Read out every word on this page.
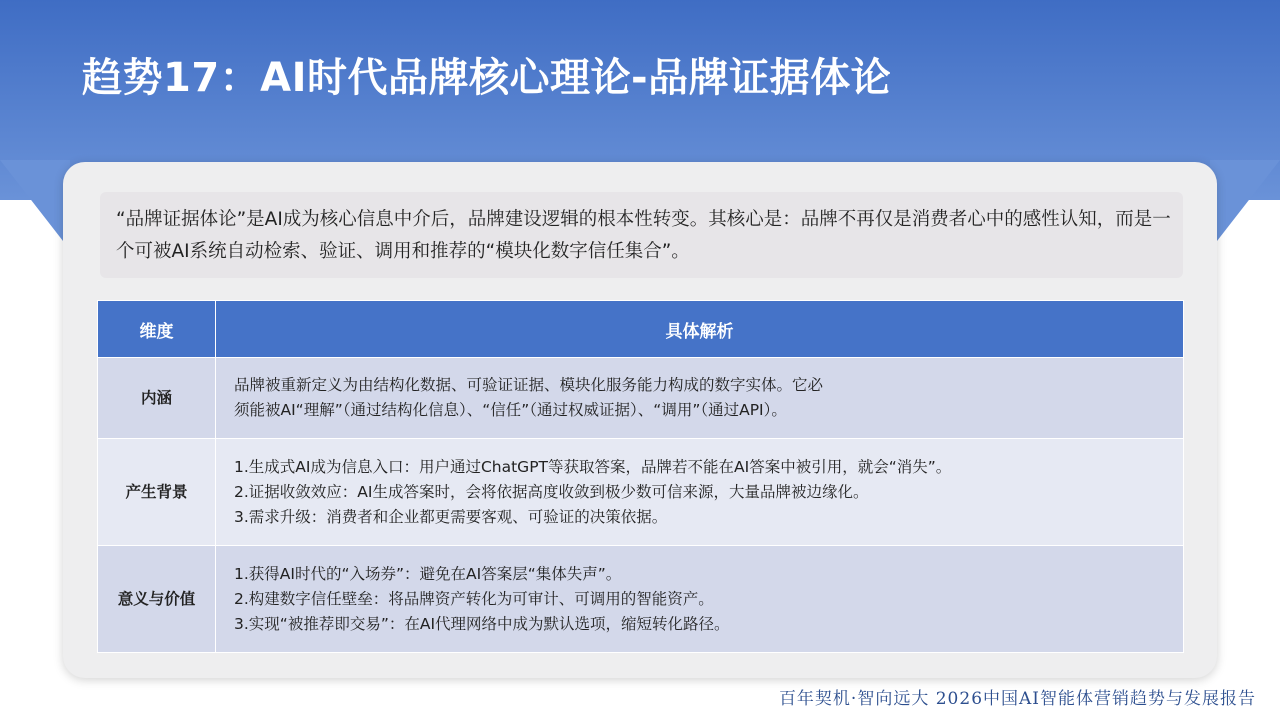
趋势17：AI时代品牌核心理论-品牌证据体论

“品牌证据体论”是AI成为核心信息中介后，品牌建设逻辑的根本性转变。其核心是：品牌不再仅是消费者心中的感性认知，而是一个可被AI系统自动检索、验证、调用和推荐的“模块化数字信任集合”。

维度	具体解析
内涵	品牌被重新定义为由结构化数据、可验证证据、模块化服务能力构成的数字实体。它必
须能被AI“理解”（通过结构化信息）、“信任”（通过权威证据）、“调用”（通过API）。

产生背景	1.生成式AI成为信息入口：用户通过ChatGPT等获取答案，品牌若不能在AI答案中被引用，就会“消失”。
2.证据收敛效应：AI生成答案时，会将依据高度收敛到极少数可信来源，大量品牌被边缘化。
3.需求升级：消费者和企业都更需要客观、可验证的决策依据。

意义与价值	1.获得AI时代的“入场券”：避免在AI答案层“集体失声”。
2.构建数字信任壁垒：将品牌资产转化为可审计、可调用的智能资产。
3.实现“被推荐即交易”：在AI代理网络中成为默认选项，缩短转化路径。
百年契机·智向远大 2026中国AI智能体营销趋势与发展报告
